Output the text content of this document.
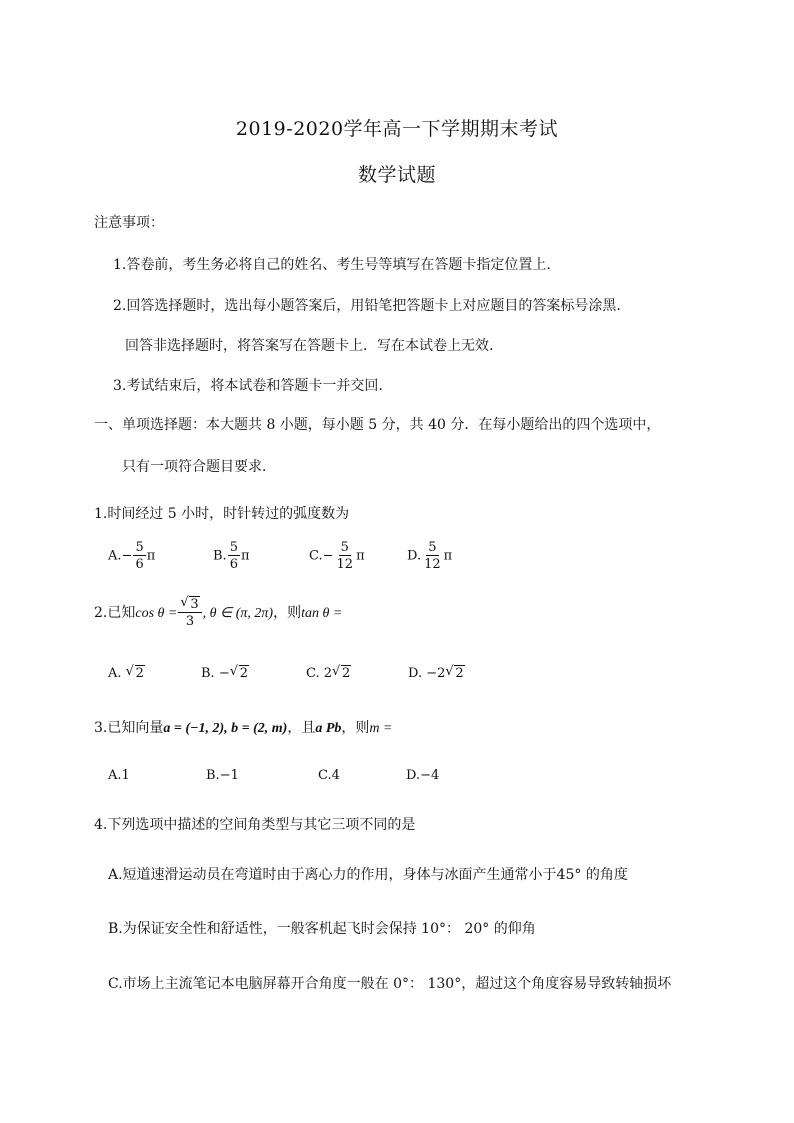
2019-2020学年高一下学期期末考试
数学试题
注意事项：
1.答卷前，考生务必将自己的姓名、考生号等填写在答题卡指定位置上.
2.回答选择题时，选出每小题答案后，用铅笔把答题卡上对应题目的答案标号涂黑.
回答非选择题时，将答案写在答题卡上．写在本试卷上无效.
3.考试结束后，将本试卷和答题卡一并交回.
一、单项选择题：本大题共 8 小题，每小题 5 分，共 40 分．在每小题给出的四个选项中，
只有一项符合题目要求．
1.时间经过 5 小时，时针转过的弧度数为
$A.- \frac{5}{6}$ π	B. $\frac{5}{6}$ π	$C.- \frac{5}{12}$ π	D. $\frac{5}{12}$ π
2.已知cos θ = √ $\frac{3}{3}$ , θ ∈ (π, 2π)，则tan θ =
A. √ 2	B. − √ 2	C. 2 √ 2	D. −2 √ 2
3.已知向量a = (−1, 2), b = (2, m)，且a Pb，则m =
A.1	B.−1	C.4	D.−4
4.下列选项中描述的空间角类型与其它三项不同的是
A.短道速滑运动员在弯道时由于离心力的作用，身体与冰面产生通常小于45° 的角度
B.为保证安全性和舒适性，一般客机起飞时会保持 10°： 20° 的仰角
C.市场上主流笔记本电脑屏幕开合角度一般在 0°： 130°，超过这个角度容易导致转轴损坏
